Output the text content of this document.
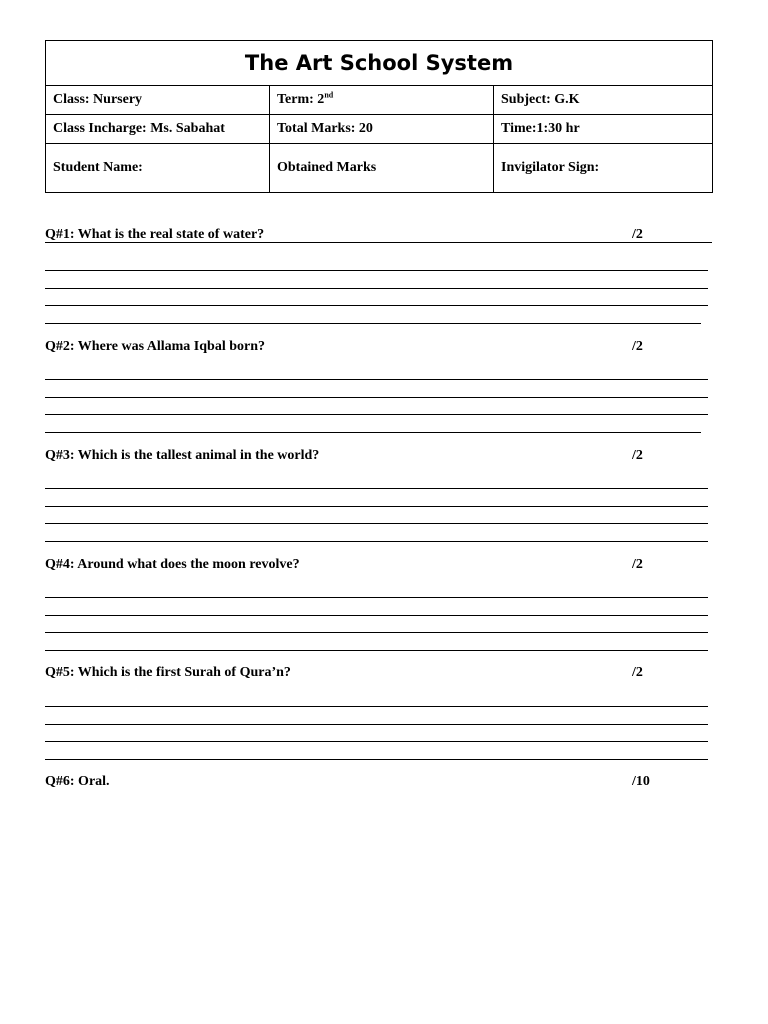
The Art School System		
Class: Nursery	Term: 2nd	Subject: G.K
Class Incharge: Ms. Sabahat	Total Marks: 20	Time:1:30 hr
Student Name:	Obtained Marks	Invigilator Sign:
Q#1: What is the real state of water?	/2
Q#2: Where was Allama Iqbal born?	/2
Q#3: Which is the tallest animal in the world?	/2
Q#4: Around what does the moon revolve?	/2
Q#5: Which is the first Surah of Qura’n?	/2
Q#6: Oral.	/10
